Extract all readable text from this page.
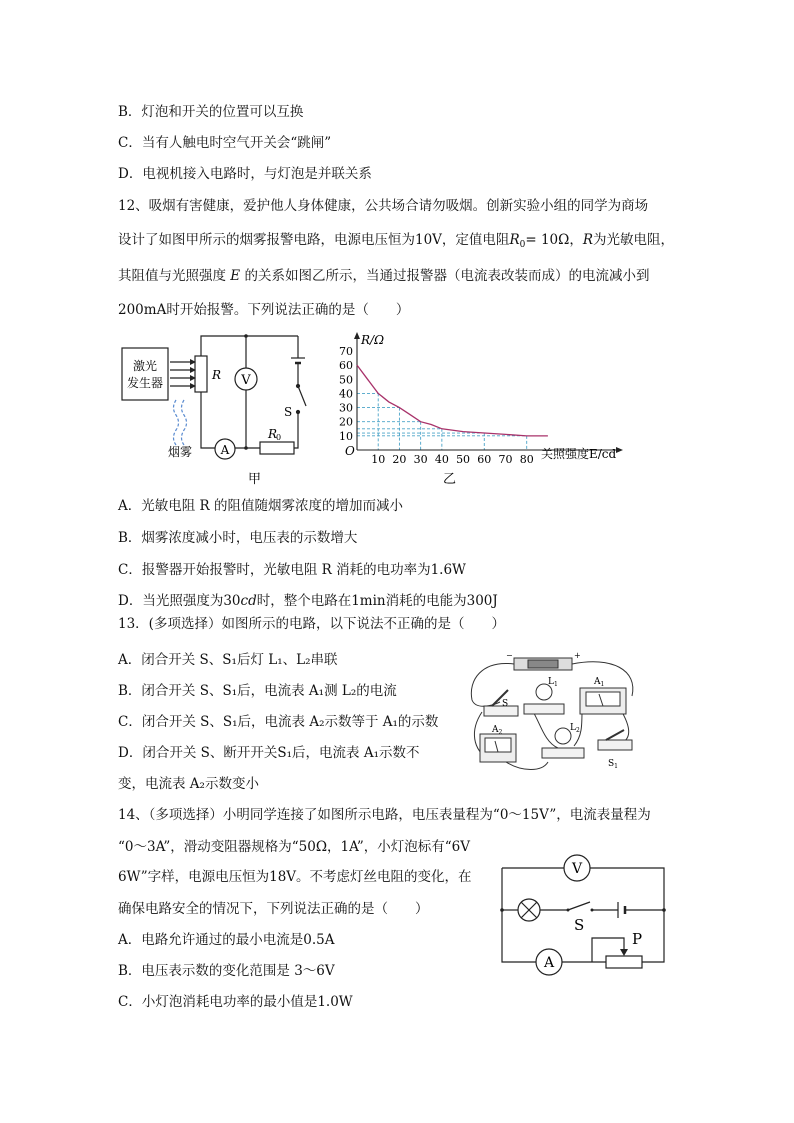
B．灯泡和开关的位置可以互换
C．当有人触电时空气开关会“跳闸”
D．电视机接入电路时，与灯泡是并联关系
12、吸烟有害健康，爱护他人身体健康，公共场合请勿吸烟。创新实验小组的同学为商场
设计了如图甲所示的烟雾报警电路，电源电压恒为10V，定值电阻$R_0= 10\Omega$，R为光敏电阻，
其阻值与光照强度 E 的关系如图乙所示，当通过报警器（电流表改装而成）的电流减小到
200mA时开始报警。下列说法正确的是（　　）
激光
发生器
R V
A
R
0
S
烟雾
甲
10 20 30 40 50 60 70 80
10
20
30
40
50
60
70
R/Ω
关照强度E/cd
O
乙
A．光敏电阻 R 的阻值随烟雾浓度的增加而减小
B．烟雾浓度减小时，电压表的示数增大
C．报警器开始报警时，光敏电阻 R 消耗的电功率为1.6W
D．当光照强度为30cd时，整个电路在1min消耗的电能为300J
13．(多项选择）如图所示的电路，以下说法不正确的是（　　）
A．闭合开关 S、S₁后灯 L₁、L₂串联
B．闭合开关 S、S₁后，电流表 A₁测 L₂的电流
C．闭合开关 S、S₁后，电流表 A₂示数等于 A₁的示数
D．闭合开关 S、断开开关S₁后，电流表 A₁示数不
变，电流表 A₂示数变小
−	+
S
$L_1$	$A_1$
$A_2$	$L_2$
$S_1$
14、（多项选择）小明同学连接了如图所示电路，电压表量程为“0～15V”，电流表量程为
“0～3A”，滑动变阻器规格为“50Ω，1A”，小灯泡标有“6V
6W”字样，电源电压恒为18V。不考虑灯丝电阻的变化，在
确保电路安全的情况下，下列说法正确的是（　　）
A．电路允许通过的最小电流是0.5A
B．电压表示数的变化范围是 3～6V
C．小灯泡消耗电功率的最小值是1.0W
V
A
S
P
